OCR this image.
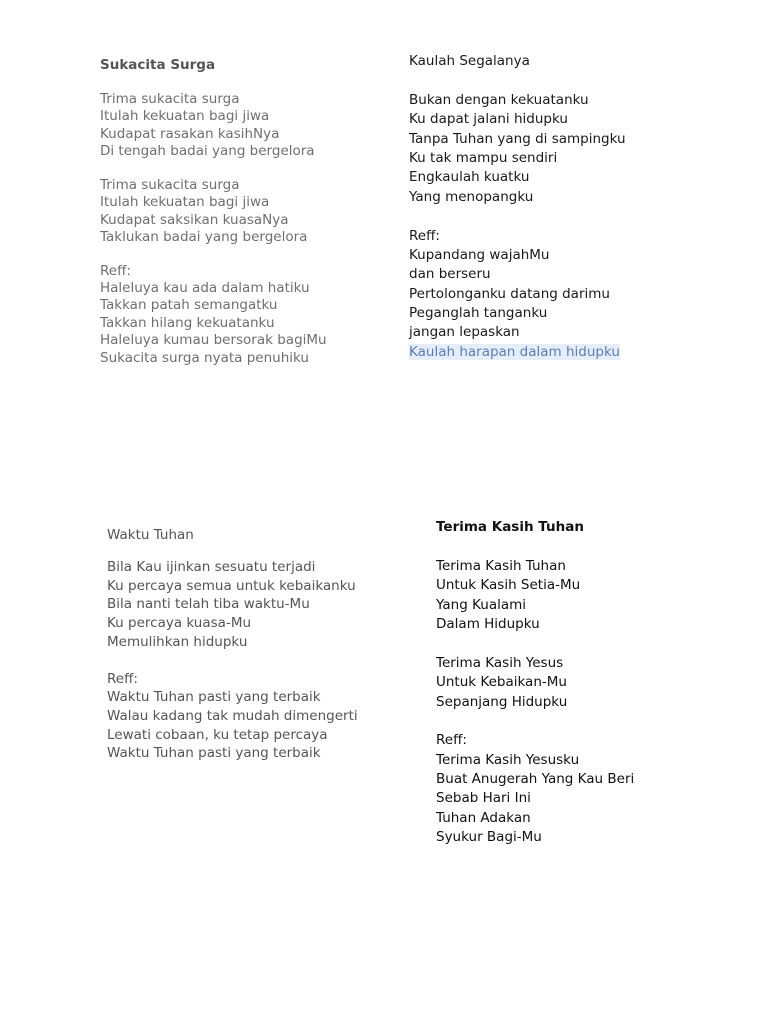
Sukacita Surga
Trima sukacita surga
Itulah kekuatan bagi jiwa
Kudapat rasakan kasihNya
Di tengah badai yang bergelora
Trima sukacita surga
Itulah kekuatan bagi jiwa
Kudapat saksikan kuasaNya
Taklukan badai yang bergelora
Reff:
Haleluya kau ada dalam hatiku
Takkan patah semangatku
Takkan hilang kekuatanku
Haleluya kumau bersorak bagiMu
Sukacita surga nyata penuhiku
Kaulah Segalanya
Bukan dengan kekuatanku
Ku dapat jalani hidupku
Tanpa Tuhan yang di sampingku
Ku tak mampu sendiri
Engkaulah kuatku
Yang menopangku
Reff:
Kupandang wajahMu
dan berseru
Pertolonganku datang darimu
Peganglah tanganku
jangan lepaskan
Kaulah harapan dalam hidupku
Waktu Tuhan
Bila Kau ijinkan sesuatu terjadi
Ku percaya semua untuk kebaikanku
Bila nanti telah tiba waktu-Mu
Ku percaya kuasa-Mu
Memulihkan hidupku
Reff:
Waktu Tuhan pasti yang terbaik
Walau kadang tak mudah dimengerti
Lewati cobaan, ku tetap percaya
Waktu Tuhan pasti yang terbaik
Terima Kasih Tuhan
Terima Kasih Tuhan
Untuk Kasih Setia-Mu
Yang Kualami
Dalam Hidupku
Terima Kasih Yesus
Untuk Kebaikan-Mu
Sepanjang Hidupku
Reff:
Terima Kasih Yesusku
Buat Anugerah Yang Kau Beri
Sebab Hari Ini
Tuhan Adakan
Syukur Bagi-Mu
